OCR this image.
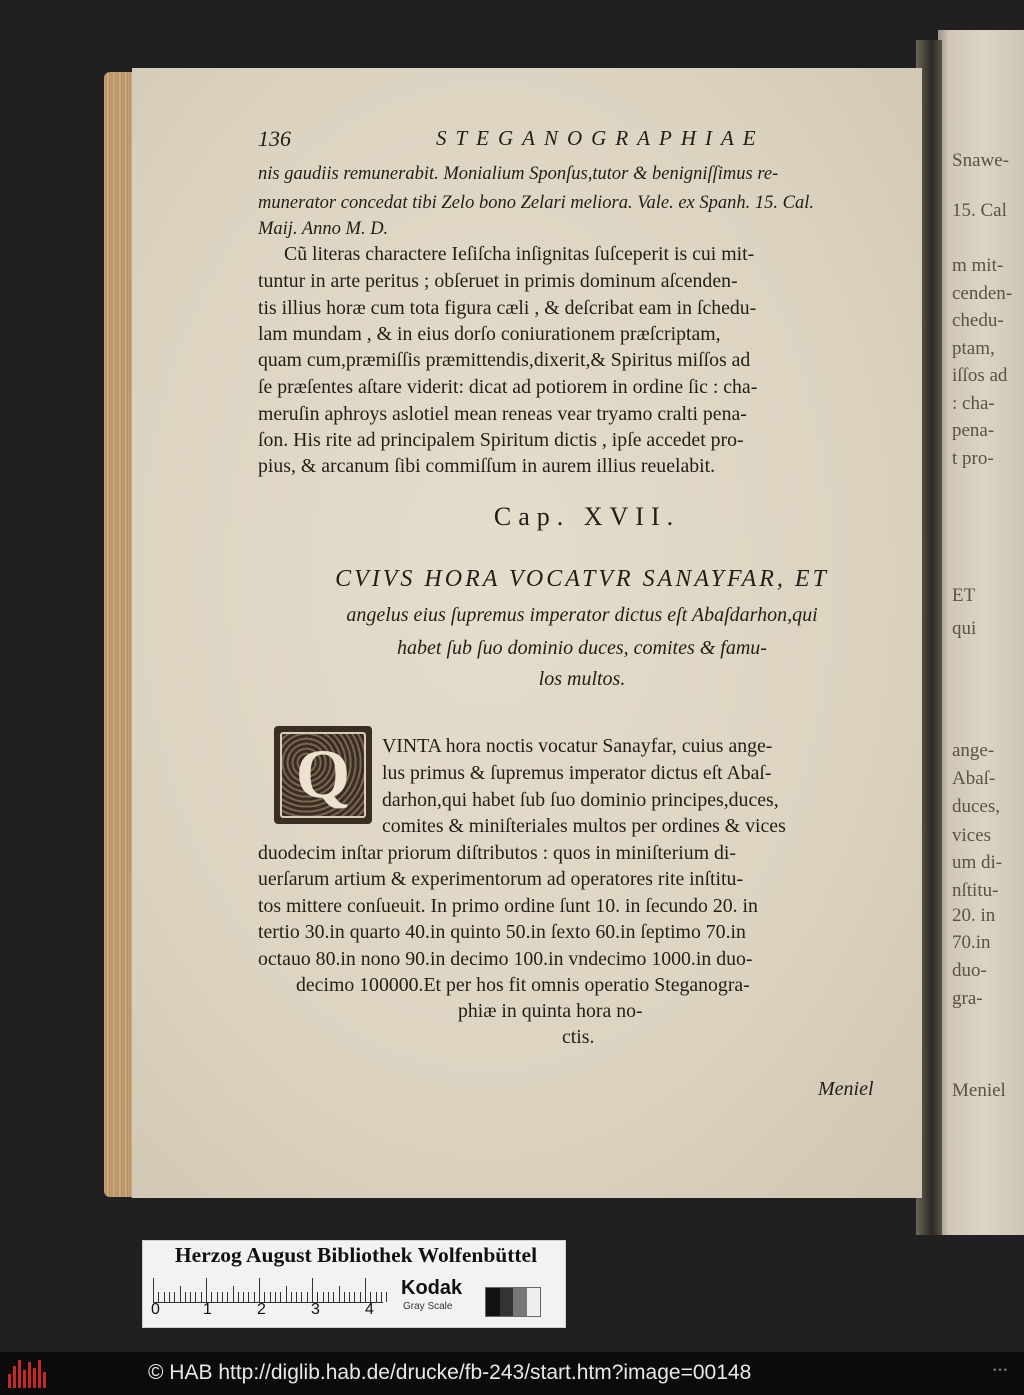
Snawe-
15. Cal
m mit-
cenden-
chedu-
ptam,
iſſos ad
: cha-
pena-
t pro-
ET
qui
ange-
Abaſ-
duces,
vices
um di-
nſtitu-
20. in
70.in
duo-
gra-
Meniel
136	STEGANOGRAPHIAE
nis gaudiis remunerabit. Monialium Sponſus,tutor & benigniſſimus re-
munerator concedat tibi Zelo bono Zelari meliora. Vale. ex Spanh. 15. Cal.
Maij. Anno M. D.
Cũ literas charactere Ieſiſcha inſignitas ſuſceperit is cui mit-
tuntur in arte peritus ; obſeruet in primis dominum aſcenden-
tis illius horæ cum tota figura cæli , & deſcribat eam in ſchedu-
lam mundam , & in eius dorſo coniurationem præſcriptam,
quam cum,præmiſſis præmittendis,dixerit,& Spiritus miſſos ad
ſe præſentes aſtare viderit: dicat ad potiorem in ordine ſic : cha-
meruſin aphroys aslotiel mean reneas vear tryamo cralti pena-
ſon. His rite ad principalem Spiritum dictis , ipſe accedet pro-
pius, & arcanum ſibi commiſſum in aurem illius reuelabit.
Cap. XVII.
CVIVS HORA VOCATVR SANAYFAR, ET
angelus eius ſupremus imperator dictus eſt Abaſdarhon,qui
habet ſub ſuo dominio duces, comites & famu-
los multos.
Q VINTA hora noctis vocatur Sanayfar, cuius ange-
lus primus & ſupremus imperator dictus eſt Abaſ-
darhon,qui habet ſub ſuo dominio principes,duces,
comites & miniſteriales multos per ordines & vices
duodecim inſtar priorum diſtributos : quos in miniſterium di-
uerſarum artium & experimentorum ad operatores rite inſtitu-
tos mittere conſueuit. In primo ordine ſunt 10. in ſecundo 20. in
tertio 30.in quarto 40.in quinto 50.in ſexto 60.in ſeptimo 70.in
octauo 80.in nono 90.in decimo 100.in vndecimo 1000.in duo-
decimo 100000.Et per hos fit omnis operatio Steganogra-
phiæ in quinta hora no-
ctis.
Meniel
Herzog August Bibliothek Wolfenbüttel
0	1	2	3	4
Kodak
Gray Scale
© HAB http://diglib.hab.de/drucke/fb-243/start.htm?image=00148	•••
